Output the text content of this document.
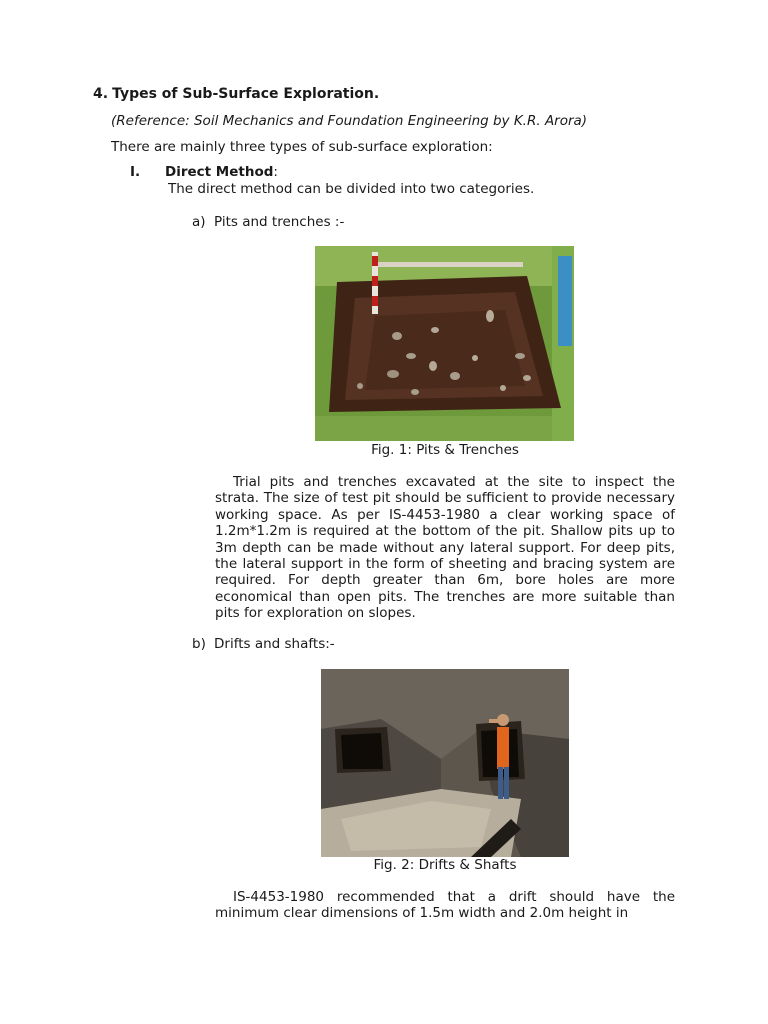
4. Types of Sub-Surface Exploration.
(Reference: Soil Mechanics and Foundation Engineering by K.R. Arora)
There are mainly three types of sub-surface exploration:
I. Direct Method:
The direct method can be divided into two categories.
a) Pits and trenches :-
Fig. 1: Pits & Trenches
Trial pits and trenches excavated at the site to inspect the strata. The size of test pit should be sufficient to provide necessary working space. As per IS-4453-1980 a clear working space of 1.2m*1.2m is required at the bottom of the pit. Shallow pits up to 3m depth can be made without any lateral support. For deep pits, the lateral support in the form of sheeting and bracing system are required. For depth greater than 6m, bore holes are more economical than open pits. The trenches are more suitable than pits for exploration on slopes.
b) Drifts and shafts:-
Fig. 2: Drifts & Shafts
IS-4453-1980 recommended that a drift should have the minimum clear dimensions of 1.5m width and 2.0m height in
